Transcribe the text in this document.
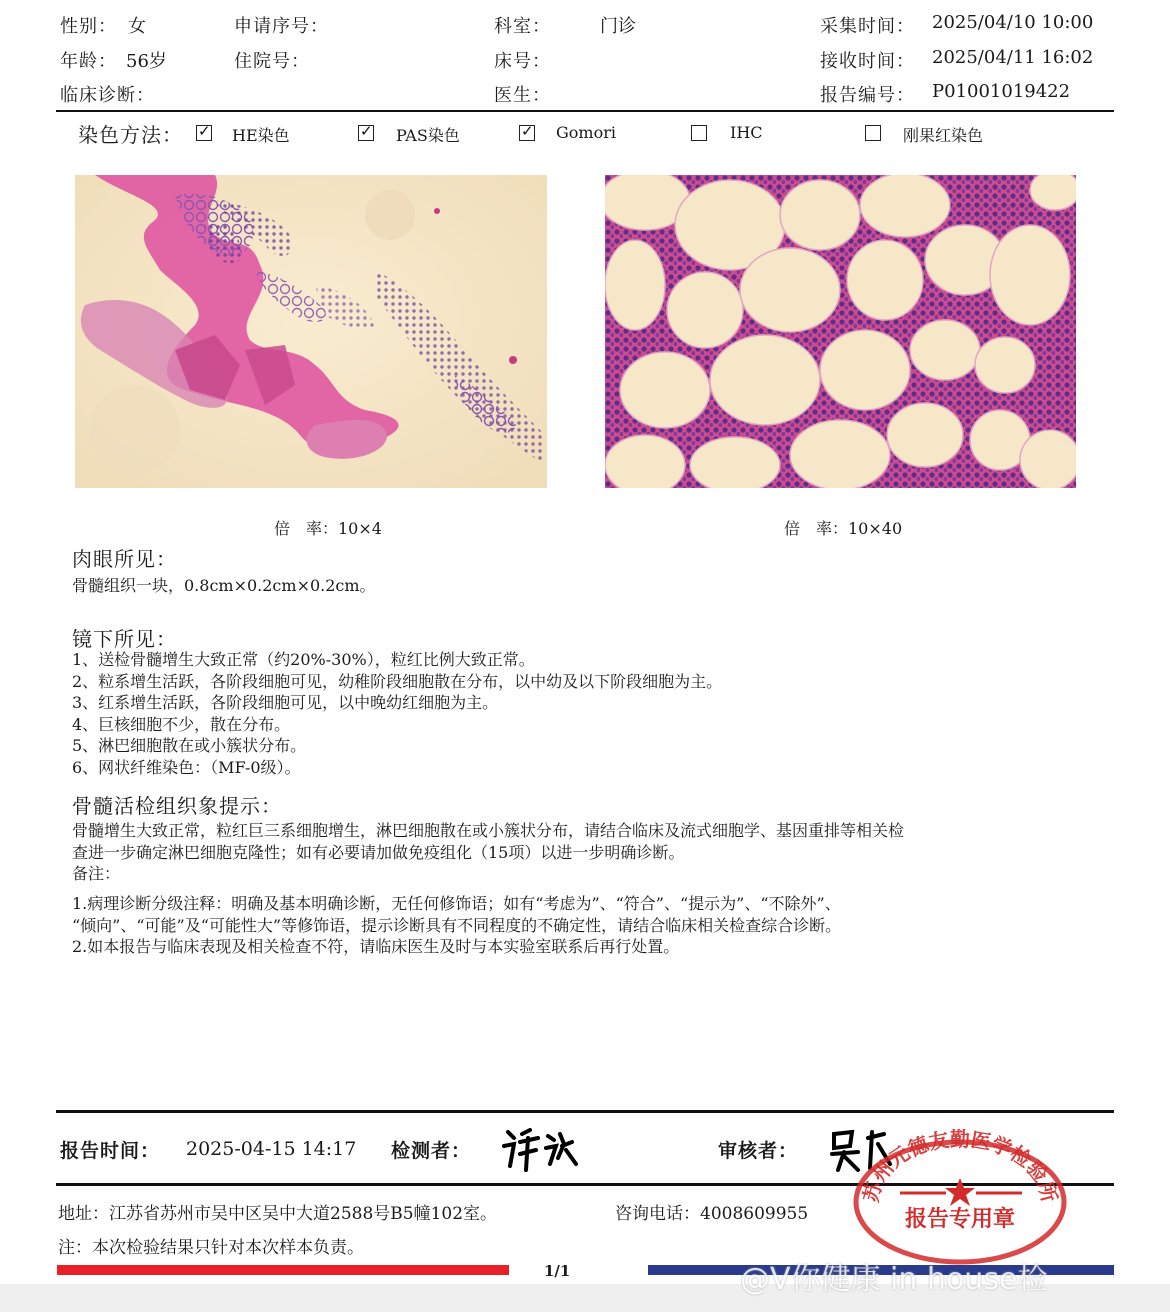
性别： 女
年龄： 56岁
临床诊断：
申请序号：
住院号：
科室：	门诊
床号：
医生：
采集时间： 2025/04/10 10:00
接收时间： 2025/04/11 16:02
报告编号： P01001019422
染色方法： ✓ HE染色	✓ PAS染色	✓ Gomori	IHC	刚果红染色
倍　率：10×4	倍　率：10×40
肉眼所见：
骨髓组织一块，0.8cm×0.2cm×0.2cm。
镜下所见：
1、送检骨髓增生大致正常（约20%-30%），粒红比例大致正常。
2、粒系增生活跃，各阶段细胞可见，幼稚阶段细胞散在分布，以中幼及以下阶段细胞为主。
3、红系增生活跃，各阶段细胞可见，以中晚幼红细胞为主。
4、巨核细胞不少，散在分布。
5、淋巴细胞散在或小簇状分布。
6、网状纤维染色：（MF-0级）。
骨髓活检组织象提示：
骨髓增生大致正常，粒红巨三系细胞增生，淋巴细胞散在或小簇状分布，请结合临床及流式细胞学、基因重排等相关检
查进一步确定淋巴细胞克隆性；如有必要请加做免疫组化（15项）以进一步明确诊断。
备注：
1.病理诊断分级注释：明确及基本明确诊断，无任何修饰语；如有“考虑为”、“符合”、“提示为”、“不除外”、
“倾向”、“可能”及“可能性大”等修饰语，提示诊断具有不同程度的不确定性，请结合临床相关检查综合诊断。
2.如本报告与临床表现及相关检查不符，请临床医生及时与本实验室联系后再行处置。
报告时间： 2025-04-15 14:17 检测者：	审核者：
地址：江苏省苏州市吴中区吴中大道2588号B5幢102室。	咨询电话：4008609955
注：本次检验结果只针对本次样本负责。
苏州元德友勤医学检验所
报告专用章
1/1	@V你健康 in house检
